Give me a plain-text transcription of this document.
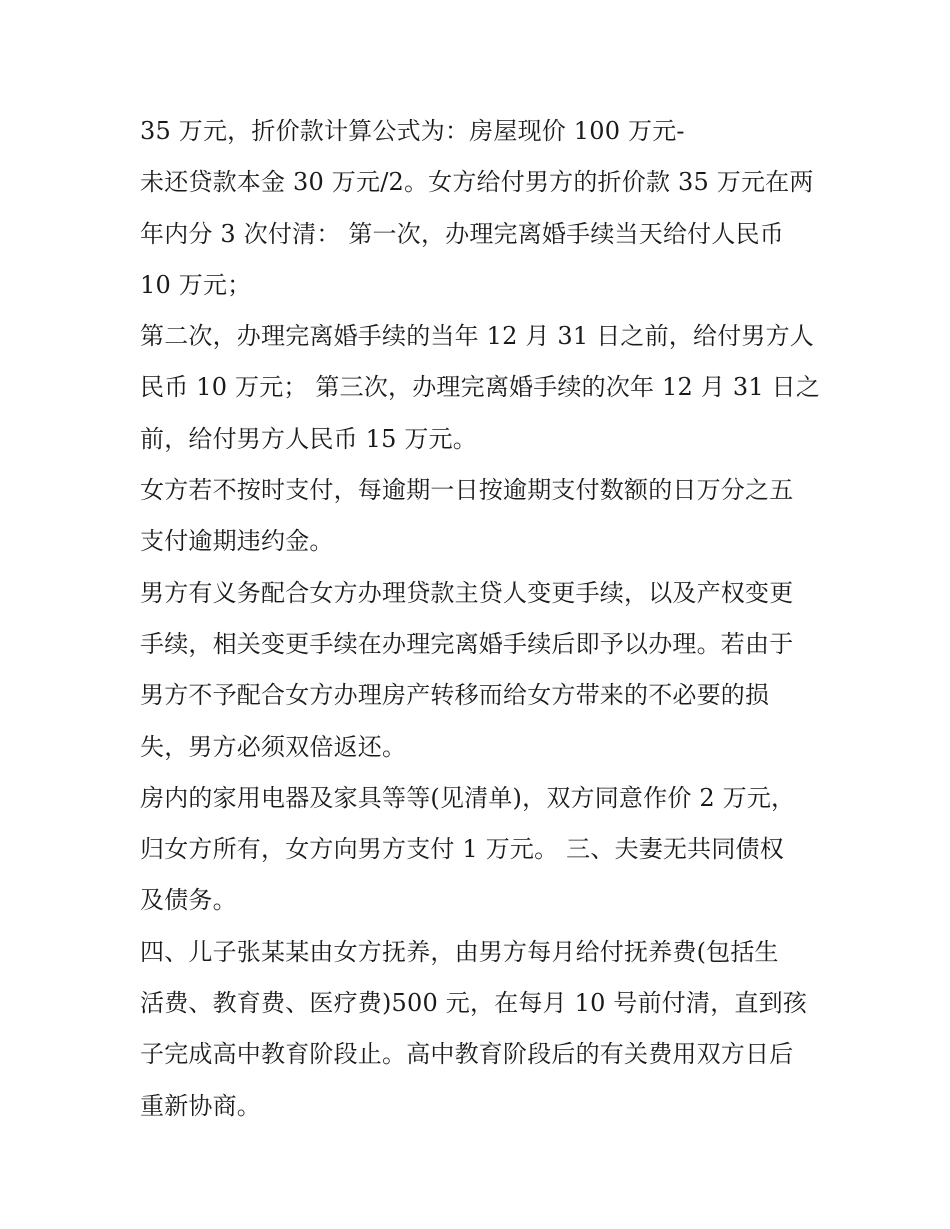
35 万元，折价款计算公式为：房屋现价 100 万元-
未还贷款本金 30 万元/2。女方给付男方的折价款 35 万元在两
年内分 3 次付清： 第一次，办理完离婚手续当天给付人民币
10 万元；
第二次，办理完离婚手续的当年 12 月 31 日之前，给付男方人
民币 10 万元； 第三次，办理完离婚手续的次年 12 月 31 日之
前，给付男方人民币 15 万元。
女方若不按时支付，每逾期一日按逾期支付数额的日万分之五
支付逾期违约金。
男方有义务配合女方办理贷款主贷人变更手续，以及产权变更
手续，相关变更手续在办理完离婚手续后即予以办理。若由于
男方不予配合女方办理房产转移而给女方带来的不必要的损
失，男方必须双倍返还。
房内的家用电器及家具等等(见清单)，双方同意作价 2 万元，
归女方所有，女方向男方支付 1 万元。 三、夫妻无共同债权
及债务。
四、儿子张某某由女方抚养，由男方每月给付抚养费(包括生
活费、教育费、医疗费)500 元，在每月 10 号前付清，直到孩
子完成高中教育阶段止。高中教育阶段后的有关费用双方日后
重新协商。
